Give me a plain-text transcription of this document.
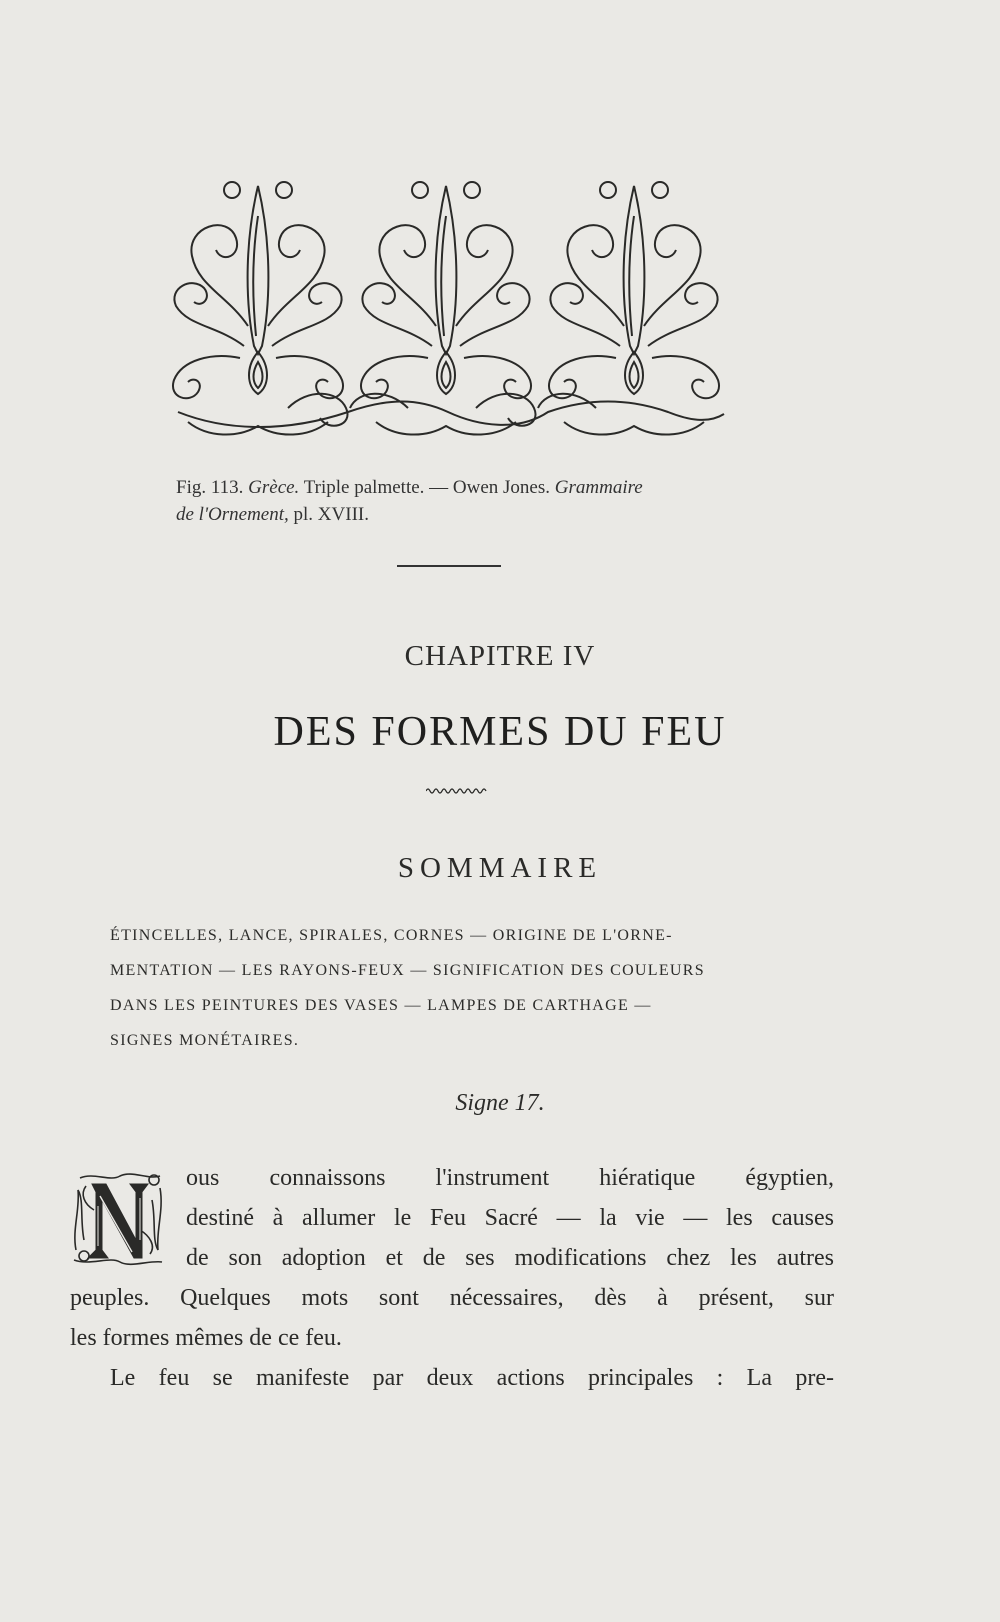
Fig. 113. Grèce. Triple palmette. — Owen Jones. Grammaire
de l'Ornement, pl. XVIII.
CHAPITRE IV
DES FORMES DU FEU
SOMMAIRE
ÉTINCELLES, LANCE, SPIRALES, CORNES — ORIGINE DE L'ORNE-
MENTATION — LES RAYONS-FEUX — SIGNIFICATION DES COULEURS
DANS LES PEINTURES DES VASES — LAMPES DE CARTHAGE —
SIGNES MONÉTAIRES.
Signe 17.
ous connaissons l'instrument hiératique égyptien,
destiné à allumer le Feu Sacré — la vie — les causes
de son adoption et de ses modifications chez les autres
peuples. Quelques mots sont nécessaires, dès à présent, sur
les formes mêmes de ce feu.
Le feu se manifeste par deux actions principales : La pre-
